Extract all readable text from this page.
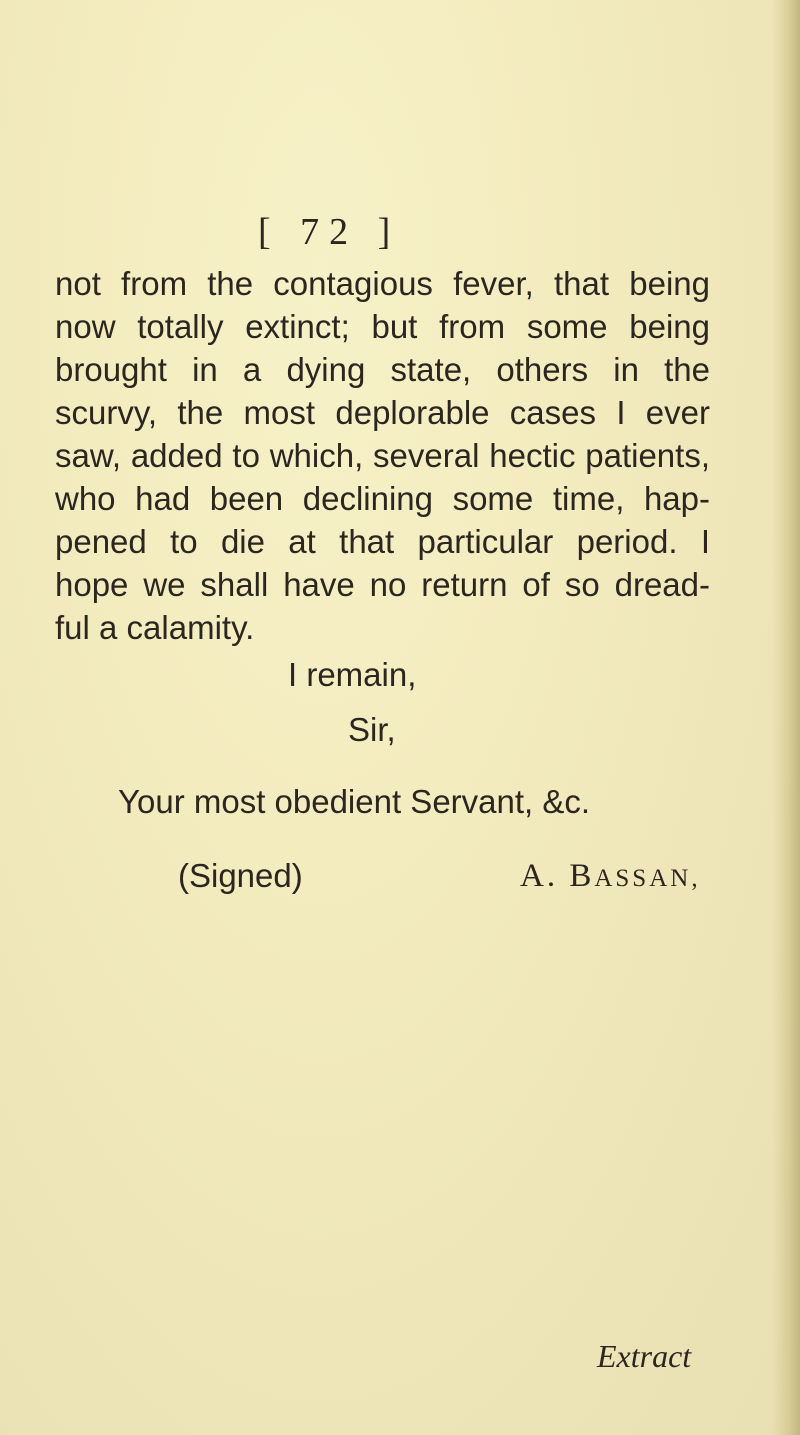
[ 72 ]
not from the contagious fever, that being
now totally extinct; but from some being
brought in a dying state, others in the
scurvy, the most deplorable cases I ever
saw, added to which, several hectic patients,
who had been declining some time, hap-
pened to die at that particular period. I
hope we shall have no return of so dread-
ful a calamity.
I remain,
Sir,
Your most obedient Servant, &c.
(Signed)	A. BASSAN,
Extract
